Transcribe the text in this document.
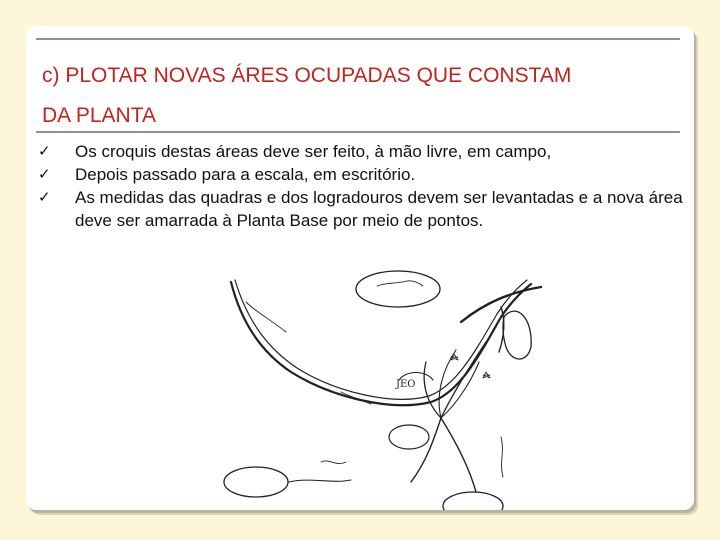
c) PLOTAR NOVAS ÁRES OCUPADAS QUE CONSTAM
DA PLANTA
✓ Os croquis destas áreas deve ser feito, à mão livre, em campo,
✓ Depois passado para a escala, em escritório.
✓ As medidas das quadras e dos logradouros devem ser levantadas e a nova área deve ser amarrada à Planta Base por meio de pontos.
JEO
